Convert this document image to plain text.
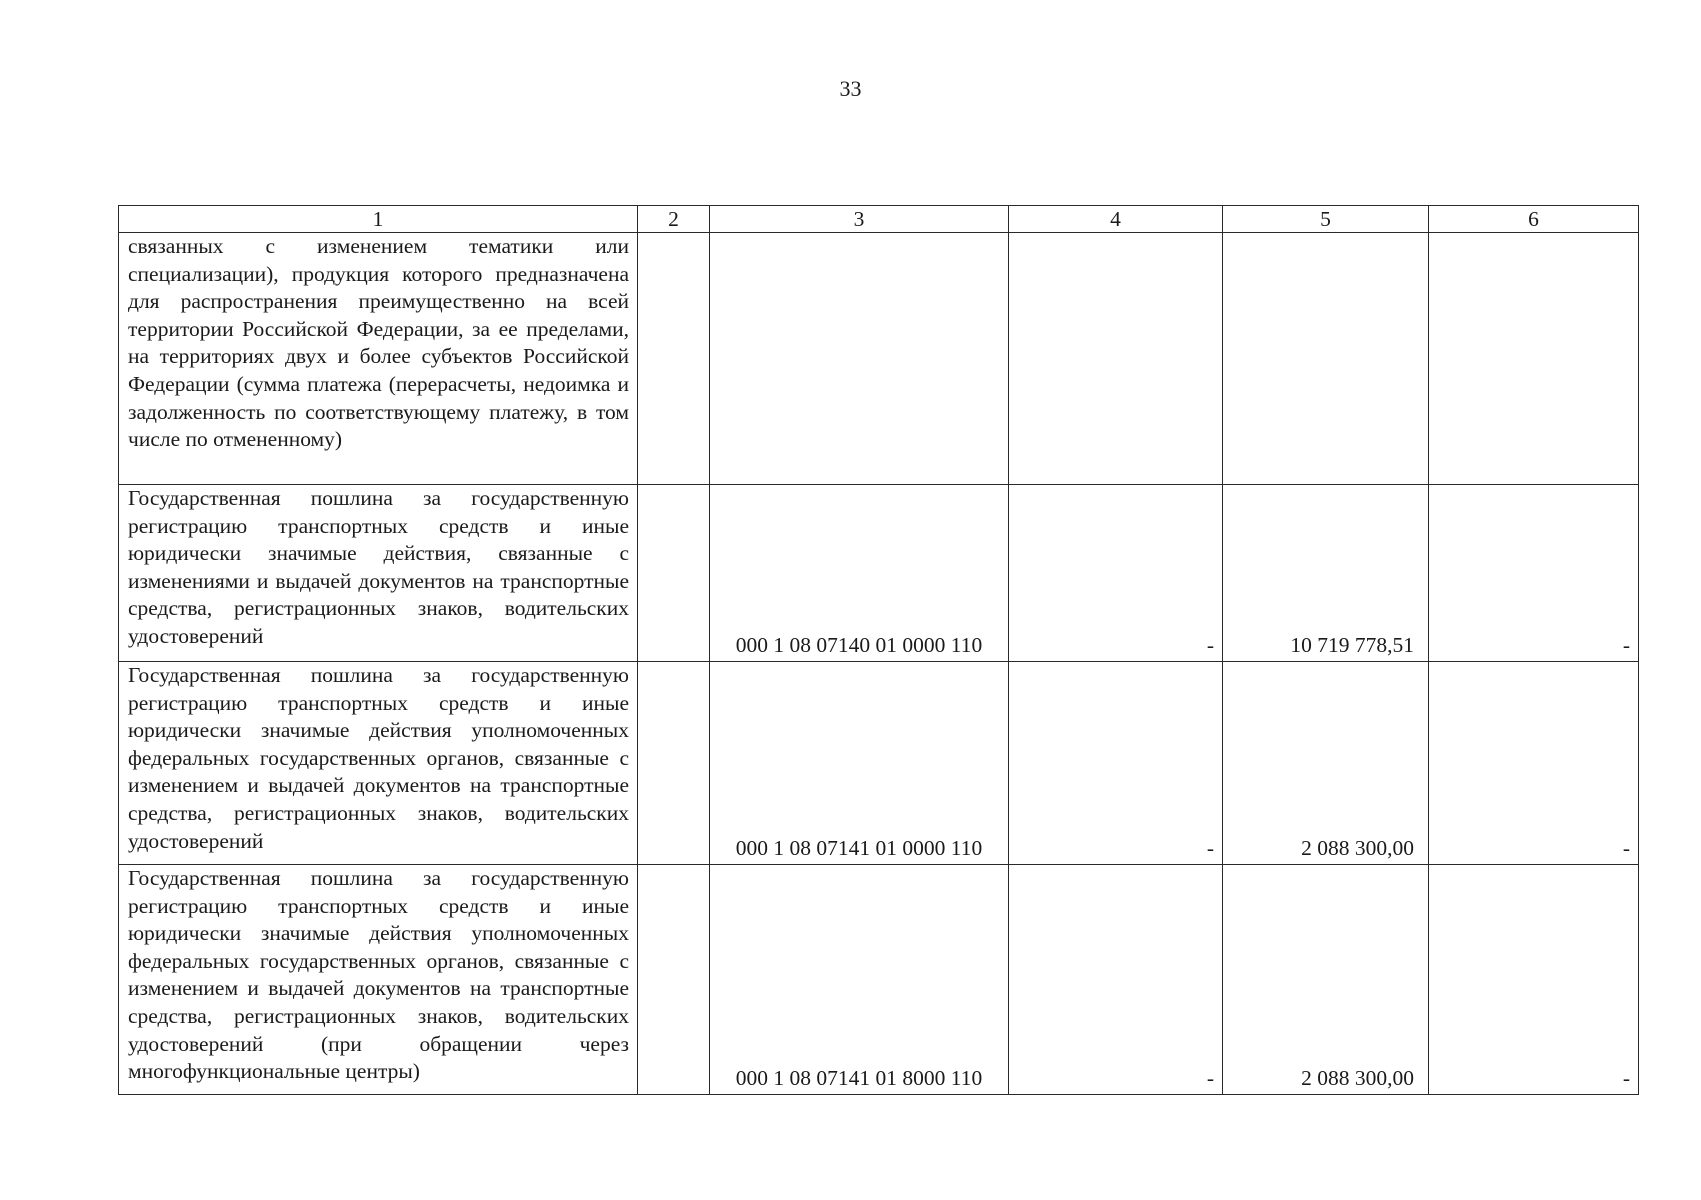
33
1	2	3	4	5	6
связанных с изменением тематики или специализации), продукция которого предназначена для распространения преимущественно на всей территории Российской Федерации, за ее пределами, на территориях двух и более субъектов Российской Федерации (сумма платежа (перерасчеты, недоимка и задолженность по соответствующему платежу, в том числе по отмененному)					
Государственная пошлина за государственную регистрацию транспортных средств и иные юридически значимые действия, связанные с изменениями и выдачей документов на транспортные средства, регистрационных знаков, водительских удостоверений		000 1 08 07140 01 0000 110	-	10 719 778,51	-
Государственная пошлина за государственную регистрацию транспортных средств и иные юридически значимые действия уполномоченных федеральных государственных органов, связанные с изменением и выдачей документов на транспортные средства, регистрационных знаков, водительских удостоверений		000 1 08 07141 01 0000 110	-	2 088 300,00	-
Государственная пошлина за государственную регистрацию транспортных средств и иные юридически значимые действия уполномоченных федеральных государственных органов, связанные с изменением и выдачей документов на транспортные средства, регистрационных знаков, водительских удостоверений (при обращении через многофункциональные центры)		000 1 08 07141 01 8000 110	-	2 088 300,00	-
